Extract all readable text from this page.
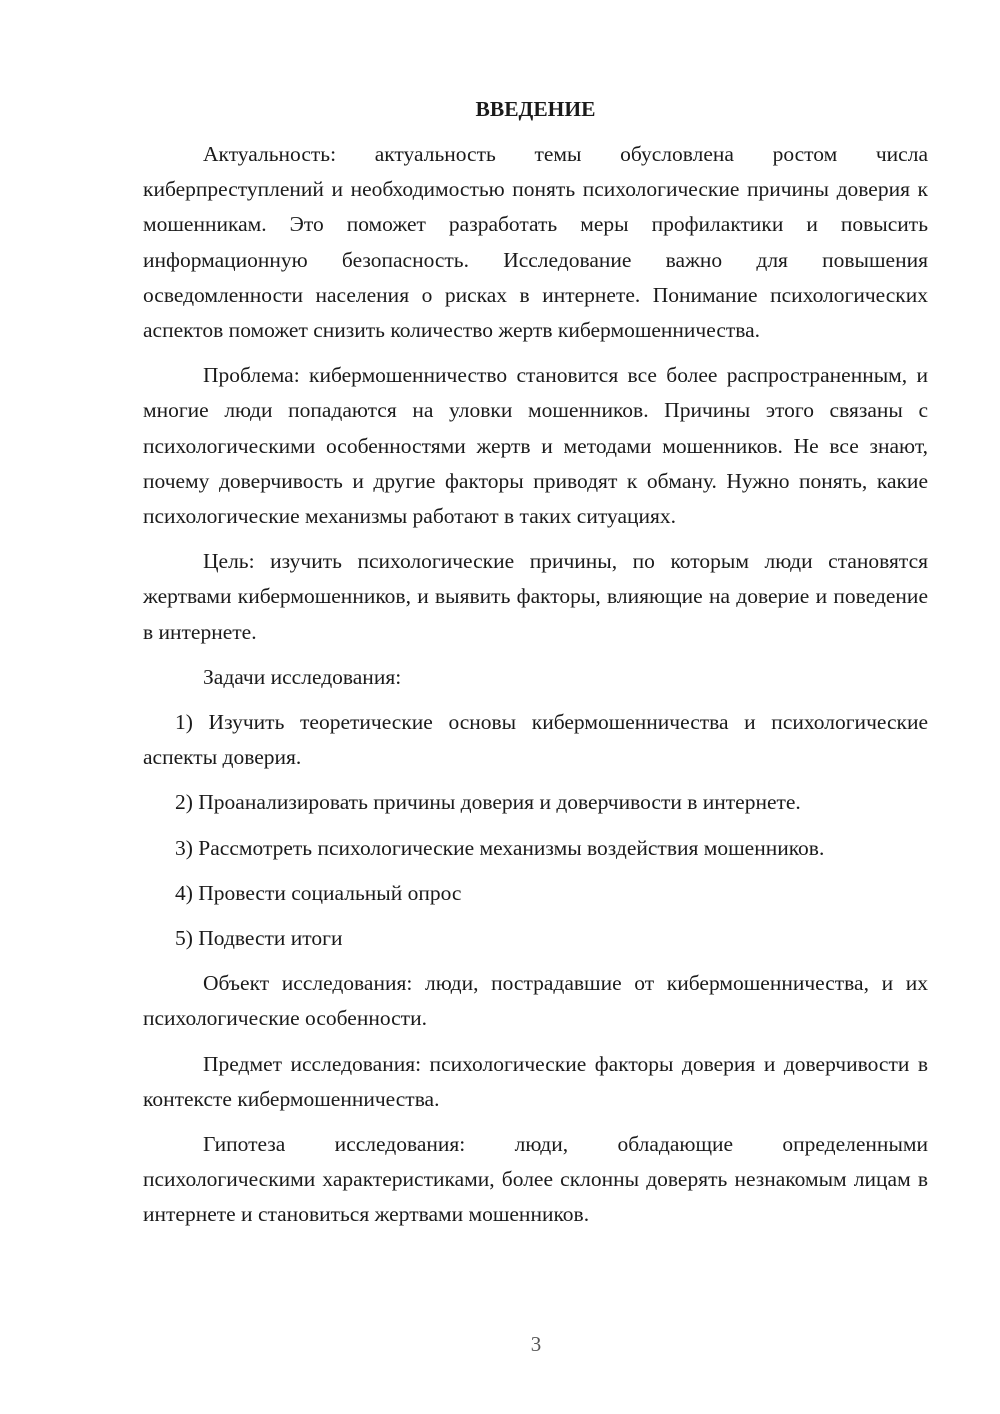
ВВЕДЕНИЕ

Актуальность: актуальность темы обусловлена ростом числа киберпреступлений и необходимостью понять психологические причины доверия к мошенникам. Это поможет разработать меры профилактики и повысить информационную безопасность. Исследование важно для повышения осведомленности населения о рисках в интернете. Понимание психологических аспектов поможет снизить количество жертв кибермошенничества.

Проблема: кибермошенничество становится все более распространенным, и многие люди попадаются на уловки мошенников. Причины этого связаны с психологическими особенностями жертв и методами мошенников. Не все знают, почему доверчивость и другие факторы приводят к обману. Нужно понять, какие психологические механизмы работают в таких ситуациях.

Цель: изучить психологические причины, по которым люди становятся жертвами кибермошенников, и выявить факторы, влияющие на доверие и поведение в интернете.

Задачи исследования:

1) Изучить теоретические основы кибермошенничества и психологические аспекты доверия.
2) Проанализировать причины доверия и доверчивости в интернете.
3) Рассмотреть психологические механизмы воздействия мошенников.
4) Провести социальный опрос
5) Подвести итоги

Объект исследования: люди, пострадавшие от кибермошенничества, и их психологические особенности.

Предмет исследования: психологические факторы доверия и доверчивости в контексте кибермошенничества.

Гипотеза исследования: люди, обладающие определенными психологическими характеристиками, более склонны доверять незнакомым лицам в интернете и становиться жертвами мошенников.

3
